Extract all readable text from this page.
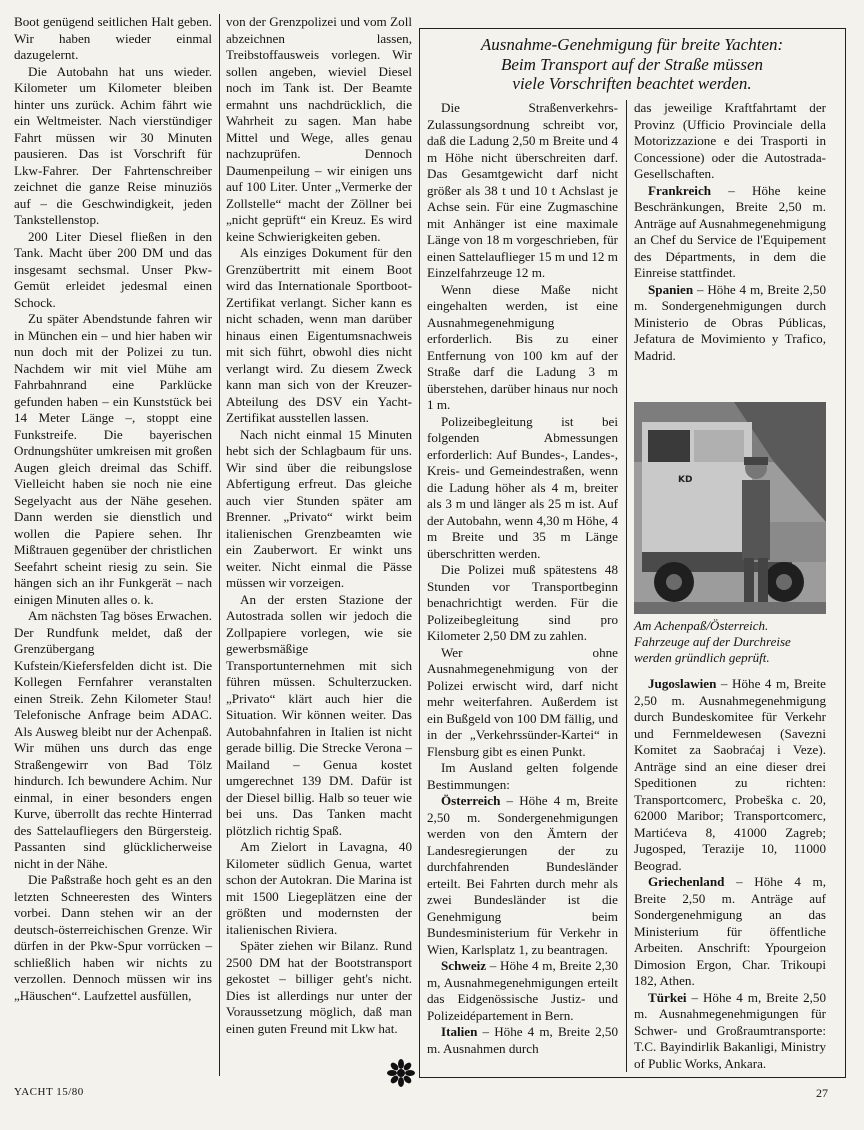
Boot genügend seitlichen Halt geben. Wir haben wieder einmal dazugelernt.

Die Autobahn hat uns wieder. Kilometer um Kilometer bleiben hinter uns zurück. Achim fährt wie ein Weltmeister. Nach vierstündiger Fahrt müssen wir 30 Minuten pausieren. Das ist Vorschrift für Lkw-Fahrer. Der Fahrtenschreiber zeichnet die ganze Reise minuziös auf – die Geschwindigkeit, jeden Tankstellenstop.

200 Liter Diesel fließen in den Tank. Macht über 200 DM und das insgesamt sechsmal. Unser Pkw-Gemüt erleidet jedesmal einen Schock.

Zu später Abendstunde fahren wir in München ein – und hier haben wir nun doch mit der Polizei zu tun. Nachdem wir mit viel Mühe am Fahrbahnrand eine Parklücke gefunden haben – ein Kunststück bei 14 Meter Länge –, stoppt eine Funkstreife. Die bayerischen Ordnungshüter umkreisen mit großen Augen gleich dreimal das Schiff. Vielleicht haben sie noch nie eine Segelyacht aus der Nähe gesehen. Dann werden sie dienstlich und wollen die Papiere sehen. Ihr Mißtrauen gegenüber der christlichen Seefahrt scheint riesig zu sein. Sie hängen sich an ihr Funkgerät – nach einigen Minuten alles o. k.

Am nächsten Tag böses Erwachen. Der Rundfunk meldet, daß der Grenzübergang Kufstein/Kiefersfelden dicht ist. Die Kollegen Fernfahrer veranstalten einen Streik. Zehn Kilometer Stau! Telefonische Anfrage beim ADAC. Als Ausweg bleibt nur der Achenpaß. Wir mühen uns durch das enge Straßengewirr von Bad Tölz hindurch. Ich bewundere Achim. Nur einmal, in einer besonders engen Kurve, überrollt das rechte Hinterrad des Sattelaufliegers den Bürgersteig. Passanten sind glücklicherweise nicht in der Nähe.

Die Paßstraße hoch geht es an den letzten Schneeresten des Winters vorbei. Dann stehen wir an der deutsch-österreichischen Grenze. Wir dürfen in der Pkw-Spur vorrücken – schließlich haben wir nichts zu verzollen. Dennoch müssen wir ins „Häuschen“. Laufzettel ausfüllen,

von der Grenzpolizei und vom Zoll abzeichnen lassen, Treibstoffausweis vorlegen. Wir sollen angeben, wieviel Diesel noch im Tank ist. Der Beamte ermahnt uns nachdrücklich, die Wahrheit zu sagen. Man habe Mittel und Wege, alles genau nachzuprüfen. Dennoch Daumenpeilung – wir einigen uns auf 100 Liter. Unter „Vermerke der Zollstelle“ macht der Zöllner bei „nicht geprüft“ ein Kreuz. Es wird keine Schwierigkeiten geben.

Als einziges Dokument für den Grenzübertritt mit einem Boot wird das Internationale Sportboot-Zertifikat verlangt. Sicher kann es nicht schaden, wenn man darüber hinaus einen Eigentumsnachweis mit sich führt, obwohl dies nicht verlangt wird. Zu diesem Zweck kann man sich von der Kreuzer-Abteilung des DSV ein Yacht-Zertifikat ausstellen lassen.

Nach nicht einmal 15 Minuten hebt sich der Schlagbaum für uns. Wir sind über die reibungslose Abfertigung erfreut. Das gleiche auch vier Stunden später am Brenner. „Privato“ wirkt beim italienischen Grenzbeamten wie ein Zauberwort. Er winkt uns weiter. Nicht einmal die Pässe müssen wir vorzeigen.

An der ersten Stazione der Autostrada sollen wir jedoch die Zollpapiere vorlegen, wie sie gewerbsmäßige Transportunternehmen mit sich führen müssen. Schulterzucken. „Privato“ klärt auch hier die Situation. Wir können weiter. Das Autobahnfahren in Italien ist nicht gerade billig. Die Strecke Verona – Mailand – Genua kostet umgerechnet 139 DM. Dafür ist der Diesel billig. Halb so teuer wie bei uns. Das Tanken macht plötzlich richtig Spaß.

Am Zielort in Lavagna, 40 Kilometer südlich Genua, wartet schon der Autokran. Die Marina ist mit 1500 Liegeplätzen eine der größten und modernsten der italienischen Riviera.

Später ziehen wir Bilanz. Rund 2500 DM hat der Bootstransport gekostet – billiger geht's nicht. Dies ist allerdings nur unter der Voraussetzung möglich, daß man einen guten Freund mit Lkw hat.

Ausnahme-Genehmigung für breite Yachten:
Beim Transport auf der Straße müssen
viele Vorschriften beachtet werden.

Die Straßenverkehrs-Zulassungsordnung schreibt vor, daß die Ladung 2,50 m Breite und 4 m Höhe nicht überschreiten darf. Das Gesamtgewicht darf nicht größer als 38 t und 10 t Achslast je Achse sein. Für eine Zugmaschine mit Anhänger ist eine maximale Länge von 18 m vorgeschrieben, für einen Sattelauflieger 15 m und 12 m Einzelfahrzeuge 12 m.

Wenn diese Maße nicht eingehalten werden, ist eine Ausnahmegenehmigung erforderlich. Bis zu einer Entfernung von 100 km auf der Straße darf die Ladung 3 m überstehen, darüber hinaus nur noch 1 m.

Polizeibegleitung ist bei folgenden Abmessungen erforderlich: Auf Bundes-, Landes-, Kreis- und Gemeindestraßen, wenn die Ladung höher als 4 m, breiter als 3 m und länger als 25 m ist. Auf der Autobahn, wenn 4,30 m Höhe, 4 m Breite und 35 m Länge überschritten werden.

Die Polizei muß spätestens 48 Stunden vor Transportbeginn benachrichtigt werden. Für die Polizeibegleitung sind pro Kilometer 2,50 DM zu zahlen.

Wer ohne Ausnahmegenehmigung von der Polizei erwischt wird, darf nicht mehr weiterfahren. Außerdem ist ein Bußgeld von 100 DM fällig, und in der „Verkehrssünder-Kartei“ in Flensburg gibt es einen Punkt.

Im Ausland gelten folgende Bestimmungen:

Österreich – Höhe 4 m, Breite 2,50 m. Sondergenehmigungen werden von den Ämtern der Landesregierungen der zu durchfahrenden Bundesländer erteilt. Bei Fahrten durch mehr als zwei Bundesländer ist die Genehmigung beim Bundesministerium für Verkehr in Wien, Karlsplatz 1, zu beantragen.

Schweiz – Höhe 4 m, Breite 2,30 m, Ausnahmegenehmigungen erteilt das Eidgenössische Justiz- und Polizeidépartement in Bern.

Italien – Höhe 4 m, Breite 2,50 m. Ausnahmen durch

das jeweilige Kraftfahrtamt der Provinz (Ufficio Provinciale della Motorizzazione e dei Trasporti in Concessione) oder die Autostrada-Gesellschaften.

Frankreich – Höhe keine Beschränkungen, Breite 2,50 m. Anträge auf Ausnahmegenehmigung an Chef du Service de l'Equipement des Départments, in dem die Einreise stattfindet.

Spanien – Höhe 4 m, Breite 2,50 m. Sondergenehmigungen durch Ministerio de Obras Públicas, Jefatura de Movimiento y Trafico, Madrid.

KD
Am Achenpaß/Österreich. Fahrzeuge auf der Durchreise werden gründlich geprüft.

Jugoslawien – Höhe 4 m, Breite 2,50 m. Ausnahmegenehmigung durch Bundeskomitee für Verkehr und Fernmeldewesen (Savezni Komitet za Saobraćaj i Veze). Anträge sind an eine dieser drei Speditionen zu richten: Transportcomerc, Probeška c. 20, 62000 Maribor; Transportcomerc, Martićeva 8, 41000 Zagreb; Jugosped, Terazije 10, 11000 Beograd.

Griechenland – Höhe 4 m, Breite 2,50 m. Anträge auf Sondergenehmigung an das Ministerium für öffentliche Arbeiten. Anschrift: Ypourgeion Dimosion Ergon, Char. Trikoupi 182, Athen.

Türkei – Höhe 4 m, Breite 2,50 m. Ausnahmegenehmigungen für Schwer- und Großraumtransporte: T.C. Bayindirlik Bakanligi, Ministry of Public Works, Ankara.

YACHT 15/80	27
